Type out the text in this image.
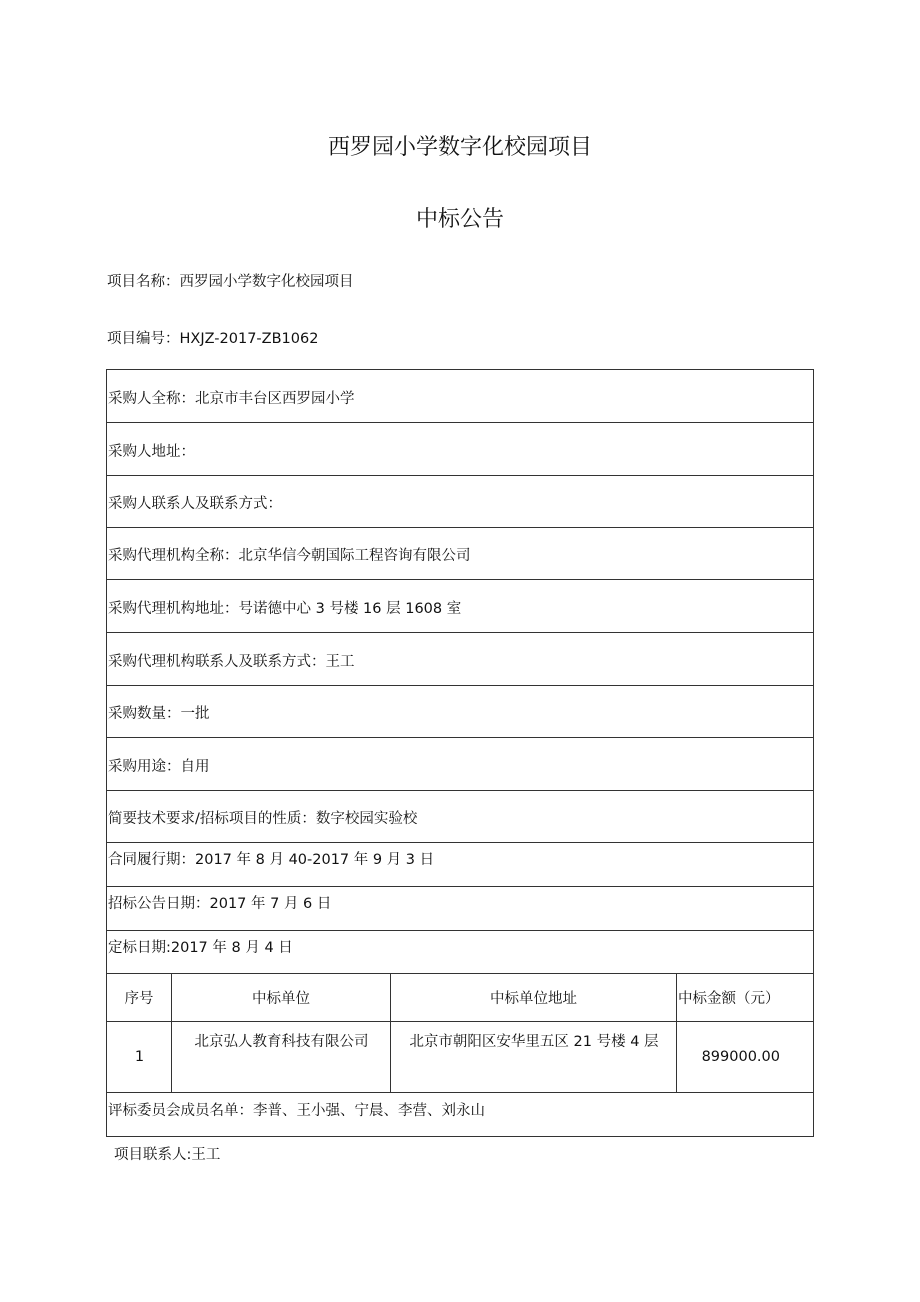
西罗园小学数字化校园项目
中标公告
项目名称：西罗园小学数字化校园项目
项目编号：HXJZ-2017-ZB1062
采购人全称：北京市丰台区西罗园小学			
采购人地址：			
采购人联系人及联系方式：			
采购代理机构全称：北京华信今朝国际工程咨询有限公司			
采购代理机构地址：号诺德中心 3 号楼 16 层 1608 室			
采购代理机构联系人及联系方式：王工			
采购数量：一批			
采购用途：自用			
简要技术要求/招标项目的性质：数字校园实验校			
合同履行期：2017 年 8 月 40-2017 年 9 月 3 日			
招标公告日期：2017 年 7 月 6 日			
定标日期:2017 年 8 月 4 日			
序号	中标单位	中标单位地址	中标金额（元）
1	北京弘人教育科技有限公司	北京市朝阳区安华里五区 21 号楼 4 层	899000.00
评标委员会成员名单：李普、王小强、宁晨、李营、刘永山			
项目联系人:王工
